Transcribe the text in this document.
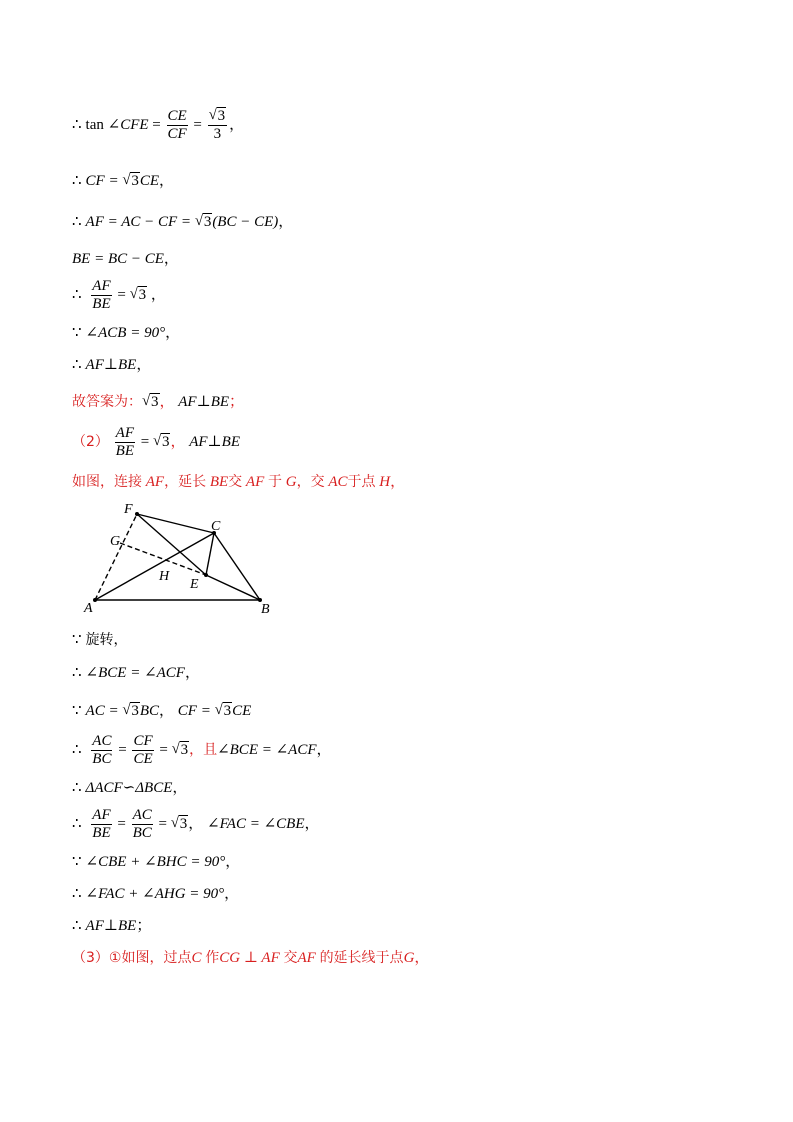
∴ tan ∠CFE = $\frac{CE}{CF} = \frac{√ 3}{3}$ ，
∴ CF = √ 3CE，
∴ AF = AC − CF = √ 3(BC − CE)，
BE = BC − CE，
∴ $\frac{AF}{BE}$ = √ 3 ，
∵ ∠ACB = 90°，
∴ AF⊥BE，
故答案为： √ 3， AF⊥BE；
$(2) \frac{AF}{BE}$ = √ 3， AF⊥BE
如图，连接 AF，延长 BE交 AF 于 G，交 AC于点 H，
F
C
G
H
E
A	B
∵ 旋转，
∴ ∠BCE = ∠ACF，
∵ AC = √ 3BC， CF = √ 3CE
∴ $\frac{AC}{BC} = \frac{CF}{CE}$ = √ 3，且∠BCE = ∠ACF，
∴ ΔACF∽ΔBCE，
∴ $\frac{AF}{BE} = \frac{AC}{BC}$ = √ 3， ∠FAC = ∠CBE，
∵ ∠CBE + ∠BHC = 90°，
∴ ∠FAC + ∠AHG = 90°，
∴ AF⊥BE；
（3）①如图，过点C 作CG ⊥ AF 交AF 的延长线于点G，
